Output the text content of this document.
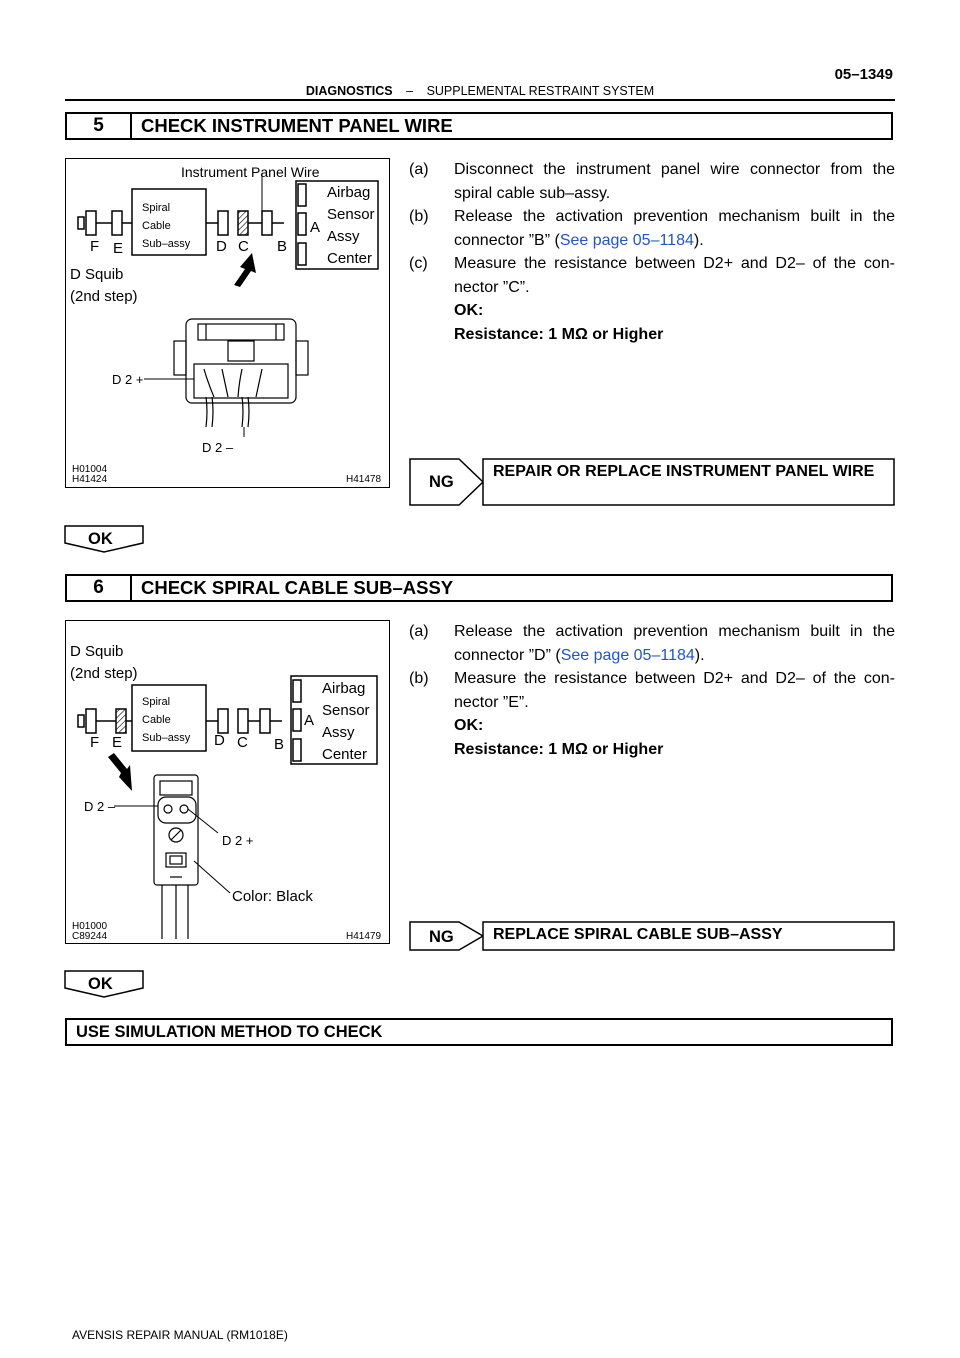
05–1349
DIAGNOSTICS – SUPPLEMENTAL RESTRAINT SYSTEM
5	CHECK INSTRUMENT PANEL WIRE
Instrument Panel Wire
Spiral
Cable
Sub–assy
Airbag
Sensor
Assy
Center
F E	D C B
A
D Squib
(2nd step)
D 2 +
D 2 –
H01004
H41424	H41478
(a)	Disconnect the instrument panel wire connector from the spiral cable sub–assy.
(b)	Release the activation prevention mechanism built in the connector ”B” (See page 05–1184).
(c)	Measure the resistance between D2+ and D2– of the con- nector ”C”.
OK:
Resistance: 1 MΩ or Higher
NG
REPAIR OR REPLACE INSTRUMENT PANEL WIRE
OK
6	CHECK SPIRAL CABLE SUB–ASSY
D Squib
(2nd step)
Spiral
Cable
Sub–assy
Airbag
Sensor
Assy
Center
F E	D C B
A
D 2 –
D 2 +
Color: Black
H01000
C89244	H41479
(a)	Release the activation prevention mechanism built in the connector ”D” (See page 05–1184).
(b)	Measure the resistance between D2+ and D2– of the con- nector ”E”.
OK:
Resistance: 1 MΩ or Higher
NG REPLACE SPIRAL CABLE SUB–ASSY
OK
USE SIMULATION METHOD TO CHECK
AVENSIS REPAIR MANUAL (RM1018E)
